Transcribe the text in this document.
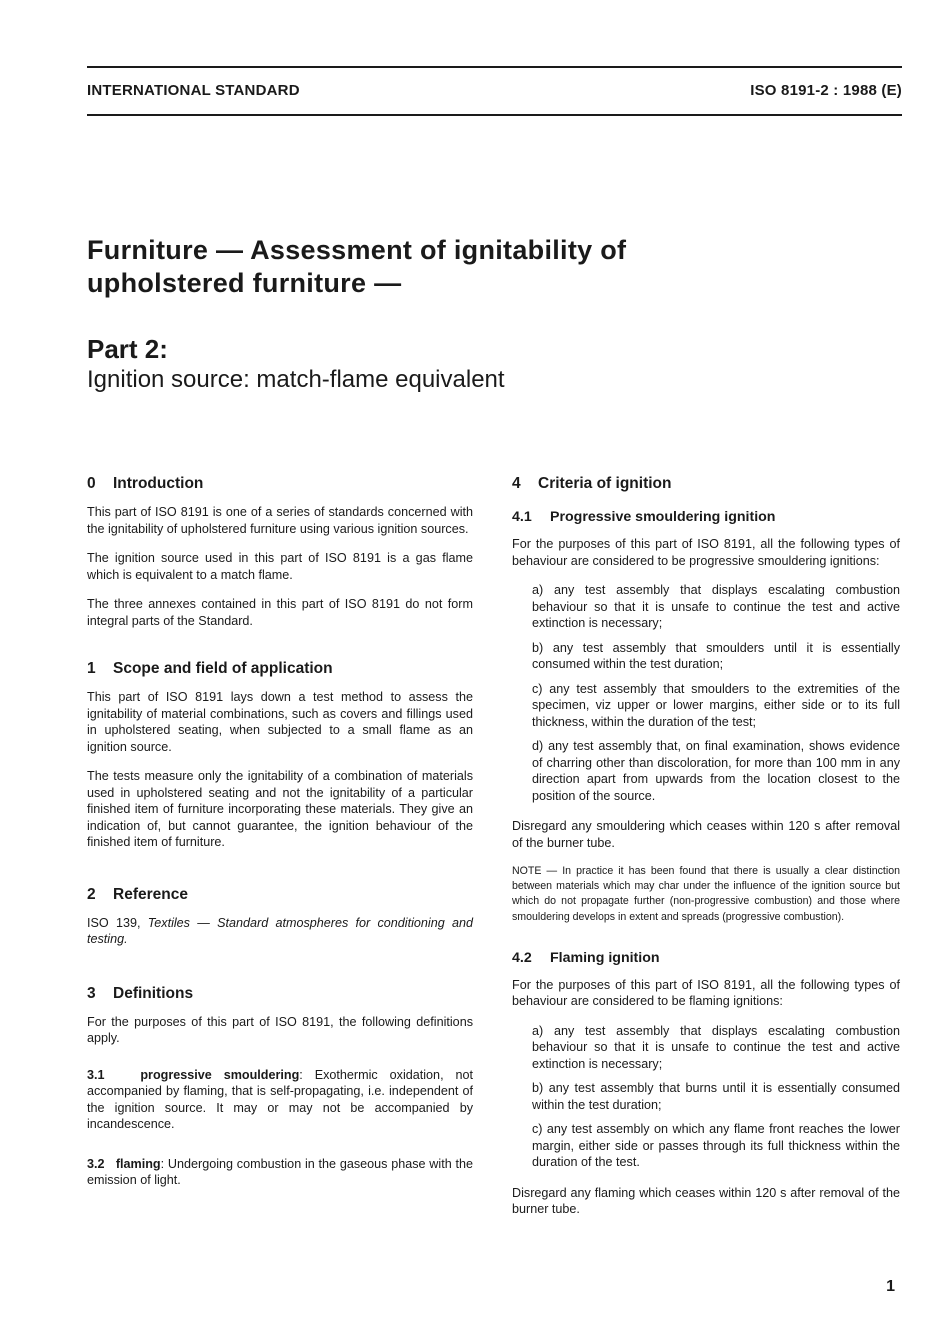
INTERNATIONAL STANDARD	ISO 8191-2 : 1988 (E)
Furniture — Assessment of ignitability of
upholstered furniture —
Part 2:
Ignition source: match-flame equivalent
0 Introduction

This part of ISO 8191 is one of a series of standards concerned with the ignitability of upholstered furniture using various ignition sources.

The ignition source used in this part of ISO 8191 is a gas flame which is equivalent to a match flame.

The three annexes contained in this part of ISO 8191 do not form integral parts of the Standard.

1 Scope and field of application

This part of ISO 8191 lays down a test method to assess the ignitability of material combinations, such as covers and fillings used in upholstered seating, when subjected to a small flame as an ignition source.

The tests measure only the ignitability of a combination of materials used in upholstered seating and not the ignitability of a particular finished item of furniture incorporating these materials. They give an indication of, but cannot guarantee, the ignition behaviour of the finished item of furniture.

2 Reference

ISO 139, Textiles — Standard atmospheres for conditioning and testing.

3 Definitions

For the purposes of this part of ISO 8191, the following definitions apply.

3.1	progressive smouldering: Exothermic oxidation, not accompanied by flaming, that is self-propagating, i.e. independent of the ignition source. It may or may not be accompanied by incandescence.

3.2 flaming: Undergoing combustion in the gaseous phase with the emission of light.

4 Criteria of ignition
4.1 Progressive smouldering ignition

For the purposes of this part of ISO 8191, all the following types of behaviour are considered to be progressive smouldering ignitions:

a) any test assembly that displays escalating combustion behaviour so that it is unsafe to continue the test and active extinction is necessary;

b) any test assembly that smoulders until it is essentially consumed within the test duration;

c) any test assembly that smoulders to the extremities of the specimen, viz upper or lower margins, either side or to its full thickness, within the duration of the test;

d) any test assembly that, on final examination, shows evidence of charring other than discoloration, for more than 100 mm in any direction apart from upwards from the location closest to the position of the source.

Disregard any smouldering which ceases within 120 s after removal of the burner tube.

NOTE — In practice it has been found that there is usually a clear distinction between materials which may char under the influence of the ignition source but which do not propagate further (non-progressive combustion) and those where smouldering develops in extent and spreads (progressive combustion).

4.2 Flaming ignition

For the purposes of this part of ISO 8191, all the following types of behaviour are considered to be flaming ignitions:

a) any test assembly that displays escalating combustion behaviour so that it is unsafe to continue the test and active extinction is necessary;

b) any test assembly that burns until it is essentially consumed within the test duration;

c) any test assembly on which any flame front reaches the lower margin, either side or passes through its full thickness within the duration of the test.

Disregard any flaming which ceases within 120 s after removal of the burner tube.

1
